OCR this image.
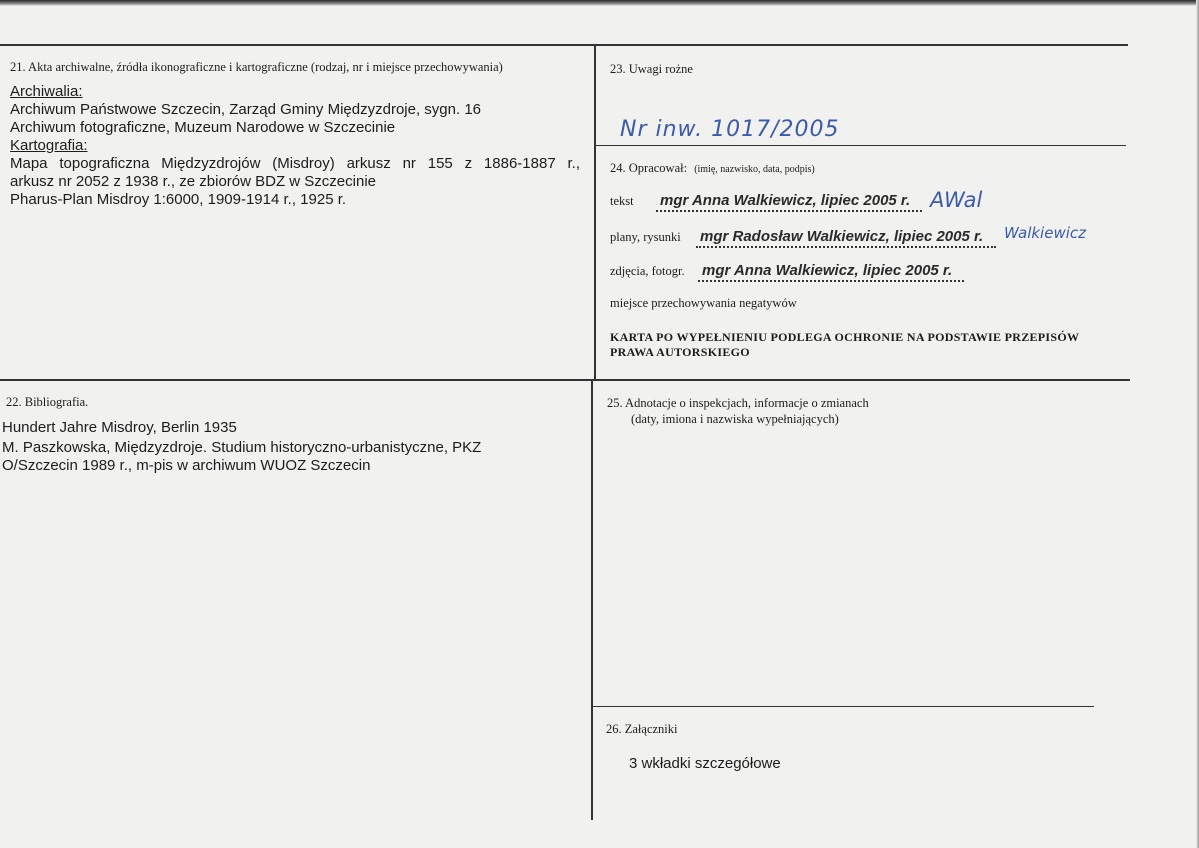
21. Akta archiwalne, źródła ikonograficzne i kartograficzne (rodzaj, nr i miejsce przechowywania)
Archiwalia:
Archiwum Państwowe Szczecin, Zarząd Gminy Międzyzdroje, sygn. 16
Archiwum fotograficzne, Muzeum Narodowe w Szczecinie
Kartografia:
Mapa topograficzna Międzyzdrojów (Misdroy) arkusz nr 155 z 1886-1887 r.,
arkusz nr 2052 z 1938 r., ze zbiorów BDZ w Szczecinie
Pharus-Plan Misdroy 1:6000, 1909-1914 r., 1925 r.
23. Uwagi rożne
Nr inw. 1017/2005
24. Opracował: (imię, nazwisko, data, podpis)
tekst mgr Anna Walkiewicz, lipiec 2005 r. AWal
plany, rysunki mgr Radosław Walkiewicz, lipiec 2005 r. Walkiewicz
zdjęcia, fotogr. mgr Anna Walkiewicz, lipiec 2005 r.
miejsce przechowywania negatywów
KARTA PO WYPEŁNIENIU PODLEGA OCHRONIE NA PODSTAWIE PRZEPISÓW
PRAWA AUTORSKIEGO
22. Bibliografia.
Hundert Jahre Misdroy, Berlin 1935
M. Paszkowska, Międzyzdroje. Studium historyczno-urbanistyczne, PKZ
O/Szczecin 1989 r., m-pis w archiwum WUOZ Szczecin
25. Adnotacje o inspekcjach, informacje o zmianach
(daty, imiona i nazwiska wypełniających)
26. Załączniki
3 wkładki szczegółowe
